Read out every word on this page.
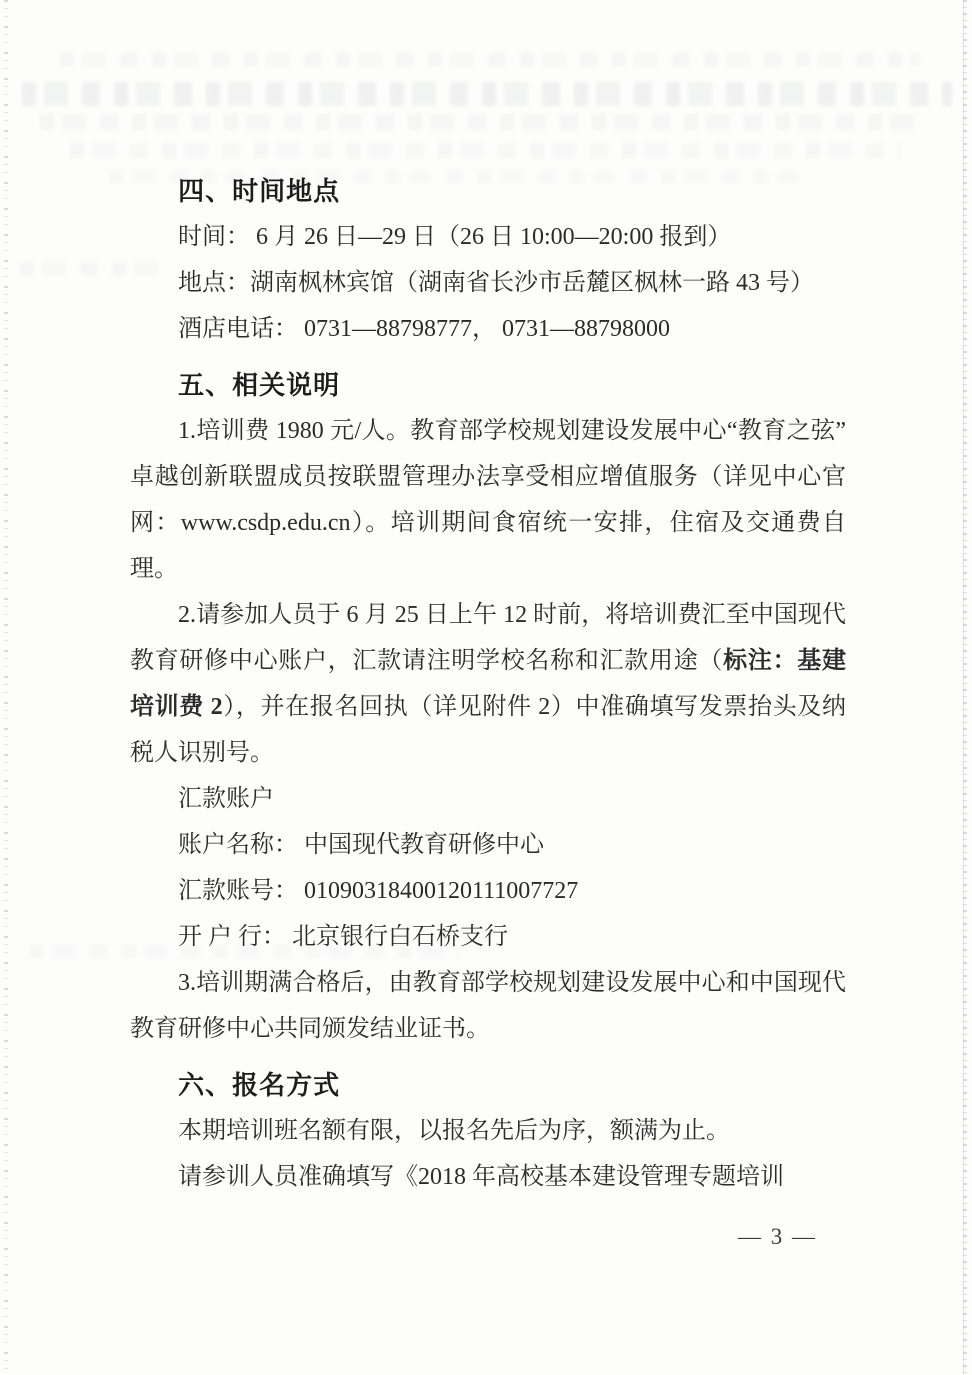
四、时间地点

时间： 6 月 26 日—29 日（26 日 10:00—20:00 报到）

地点：湖南枫林宾馆（湖南省长沙市岳麓区枫林一路 43 号）

酒店电话： 0731—88798777， 0731—88798000

五、相关说明

1.培训费 1980 元/人。教育部学校规划建设发展中心“教育之弦”卓越创新联盟成员按联盟管理办法享受相应增值服务（详见中心官网：www.csdp.edu.cn）。培训期间食宿统一安排，住宿及交通费自理。

2.请参加人员于 6 月 25 日上午 12 时前，将培训费汇至中国现代教育研修中心账户，汇款请注明学校名称和汇款用途（标注：基建培训费 2），并在报名回执（详见附件 2）中准确填写发票抬头及纳税人识别号。

汇款账户

账户名称： 中国现代教育研修中心

汇款账号： 01090318400120111007727

开 户 行： 北京银行白石桥支行

3.培训期满合格后，由教育部学校规划建设发展中心和中国现代教育研修中心共同颁发结业证书。

六、报名方式

本期培训班名额有限，以报名先后为序，额满为止。

请参训人员准确填写《2018 年高校基本建设管理专题培训

— 3 —
